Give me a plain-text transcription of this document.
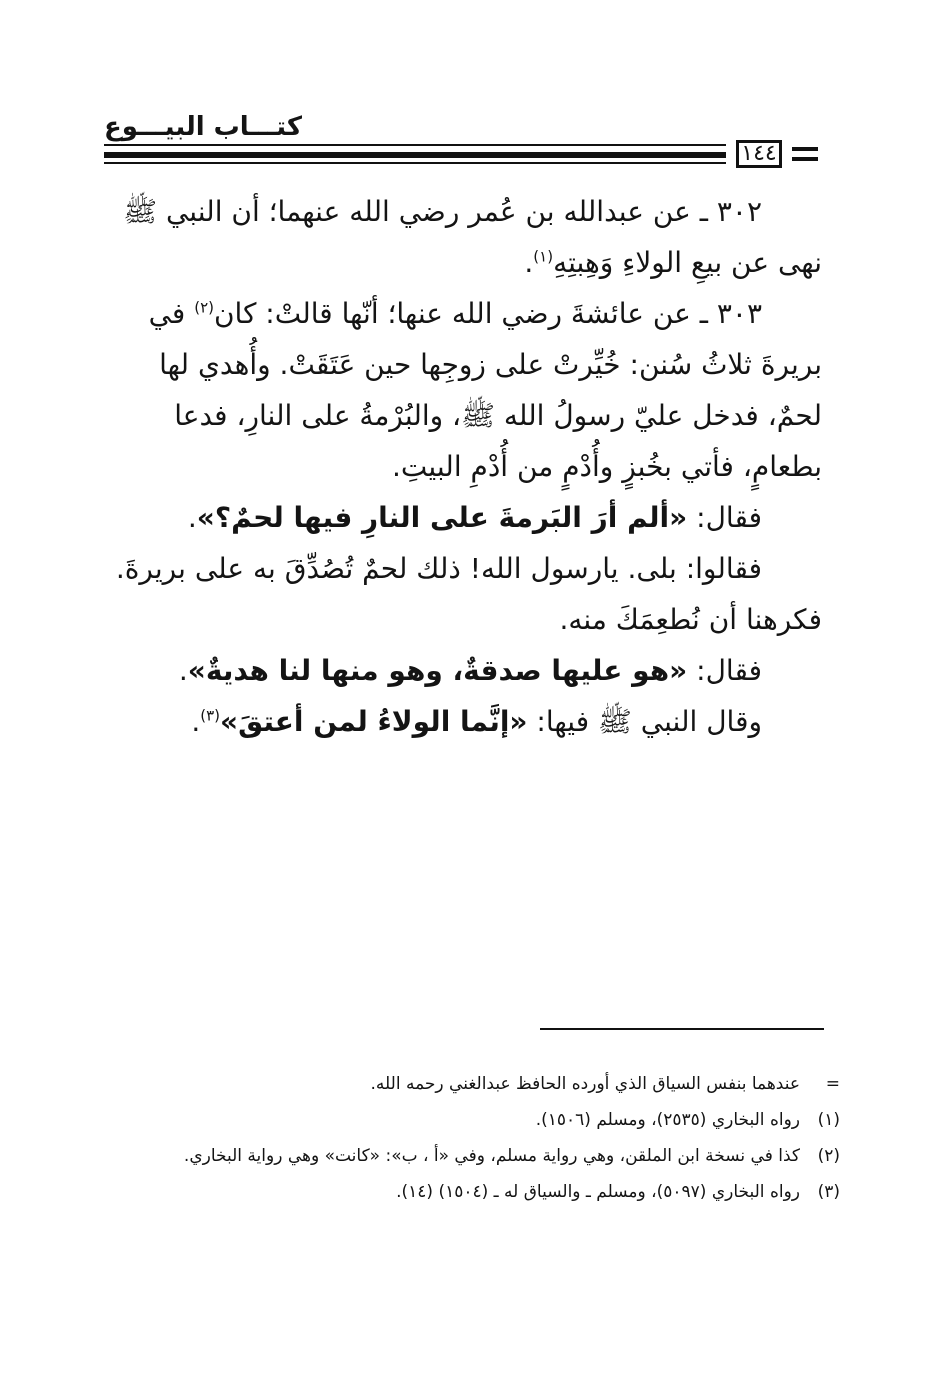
كتـــاب البيـــوع
١٤٤

٣٠٢ ـ عن عبدالله بن عُمر رضي الله عنهما؛ أن النبي ﷺ

نهى عن بيعِ الولاءِ وَهِبتِهِ$^{(١)}$.

٣٠٣ ـ عن عائشةَ رضي الله عنها؛ أنّها قالتْ: كان$^{(٢)}$ في

بريرةَ ثلاثُ سُنن: خُيِّرتْ على زوجِها حين عَتَقَتْ. وأُهدي لها

لحمٌ، فدخل عليّ رسولُ الله ﷺ، والبُرْمةُ على النارِ، فدعا

بطعامٍ، فأتي بخُبزٍ وأُدْمٍ من أُدْمِ البيتِ.

فقال: «ألم أرَ البَرمةَ على النارِ فيها لحمٌ؟».

فقالوا: بلى. يارسول الله! ذلك لحمٌ تُصُدِّقَ به على بريرةَ.

فكرهنا أن نُطعِمَكَ منه.

فقال: «هو عليها صدقةٌ، وهو منها لنا هديةٌ».

وقال النبي ﷺ فيها: «إنَّما الولاءُ لمن أعتقَ»$^{(٣)}$.

=
عندهما بنفس السياق الذي أورده الحافظ عبدالغني رحمه الله.
(١)
رواه البخاري (٢٥٣٥)، ومسلم (١٥٠٦).
(٢)
كذا في نسخة ابن الملقن، وهي رواية مسلم، وفي «أ ، ب»: «كانت» وهي رواية البخاري.
(٣)
رواه البخاري (٥٠٩٧)، ومسلم ـ والسياق له ـ (١٥٠٤) (١٤).
